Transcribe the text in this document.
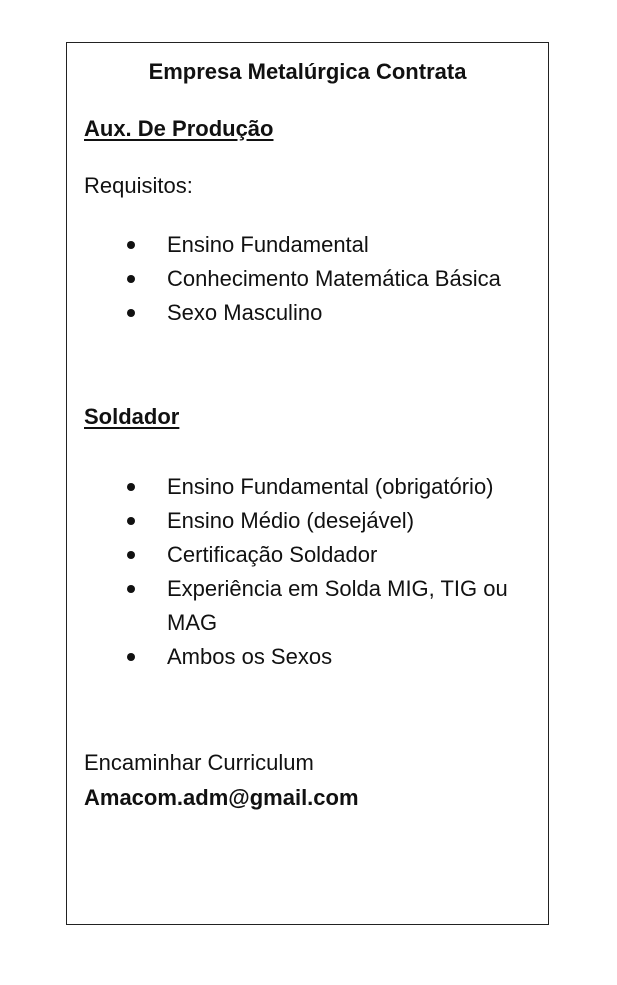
Empresa Metalúrgica Contrata

Aux. De Produção

Requisitos:

Ensino Fundamental
Conhecimento Matemática Básica
Sexo Masculino

Soldador

Ensino Fundamental (obrigatório)
Ensino Médio (desejável)
Certificação Soldador
Experiência em Solda MIG, TIG ou MAG
Ambos os Sexos

Encaminhar Curriculum

Amacom.adm@gmail.com
